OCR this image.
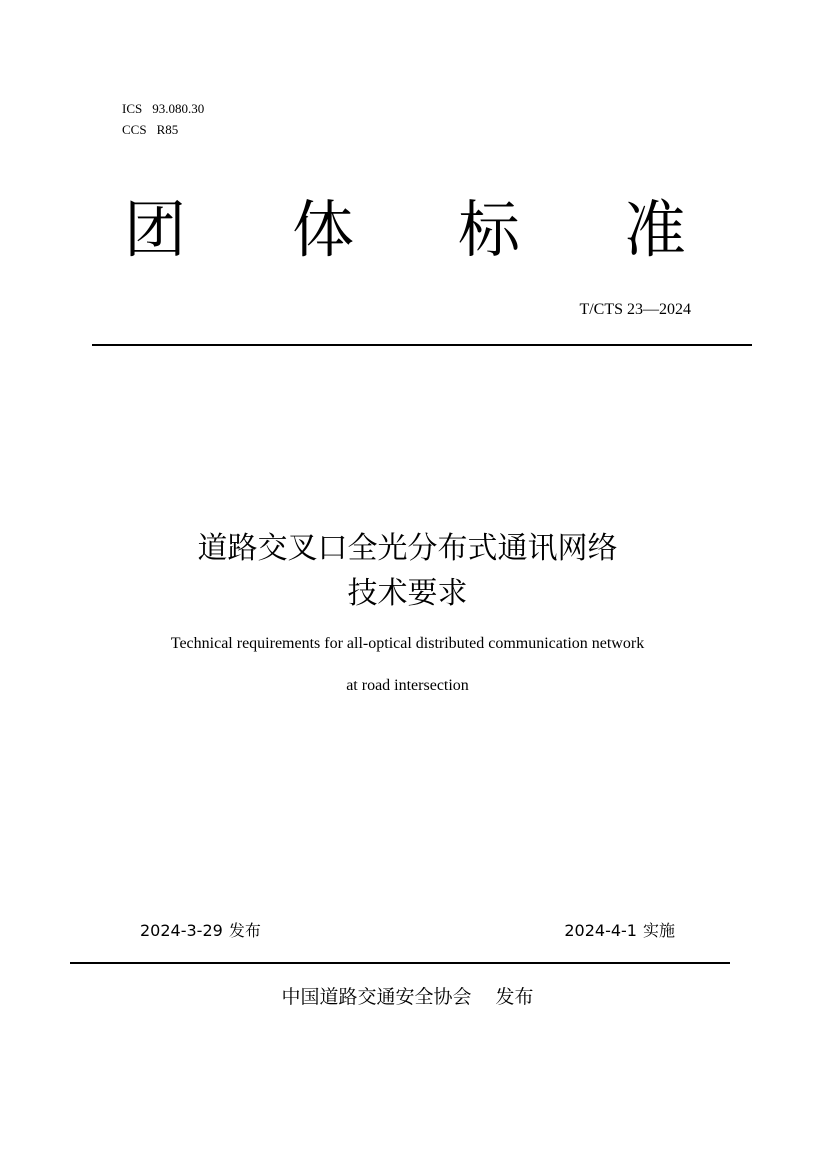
ICS 93.080.30
CCS R85
团 体 标 准
T/CTS 23—2024
道路交叉口全光分布式通讯网络
技术要求
Technical requirements for all-optical distributed communication network
at road intersection
2024-3-29 发布	2024-4-1 实施
中国道路交通安全协会 发布
